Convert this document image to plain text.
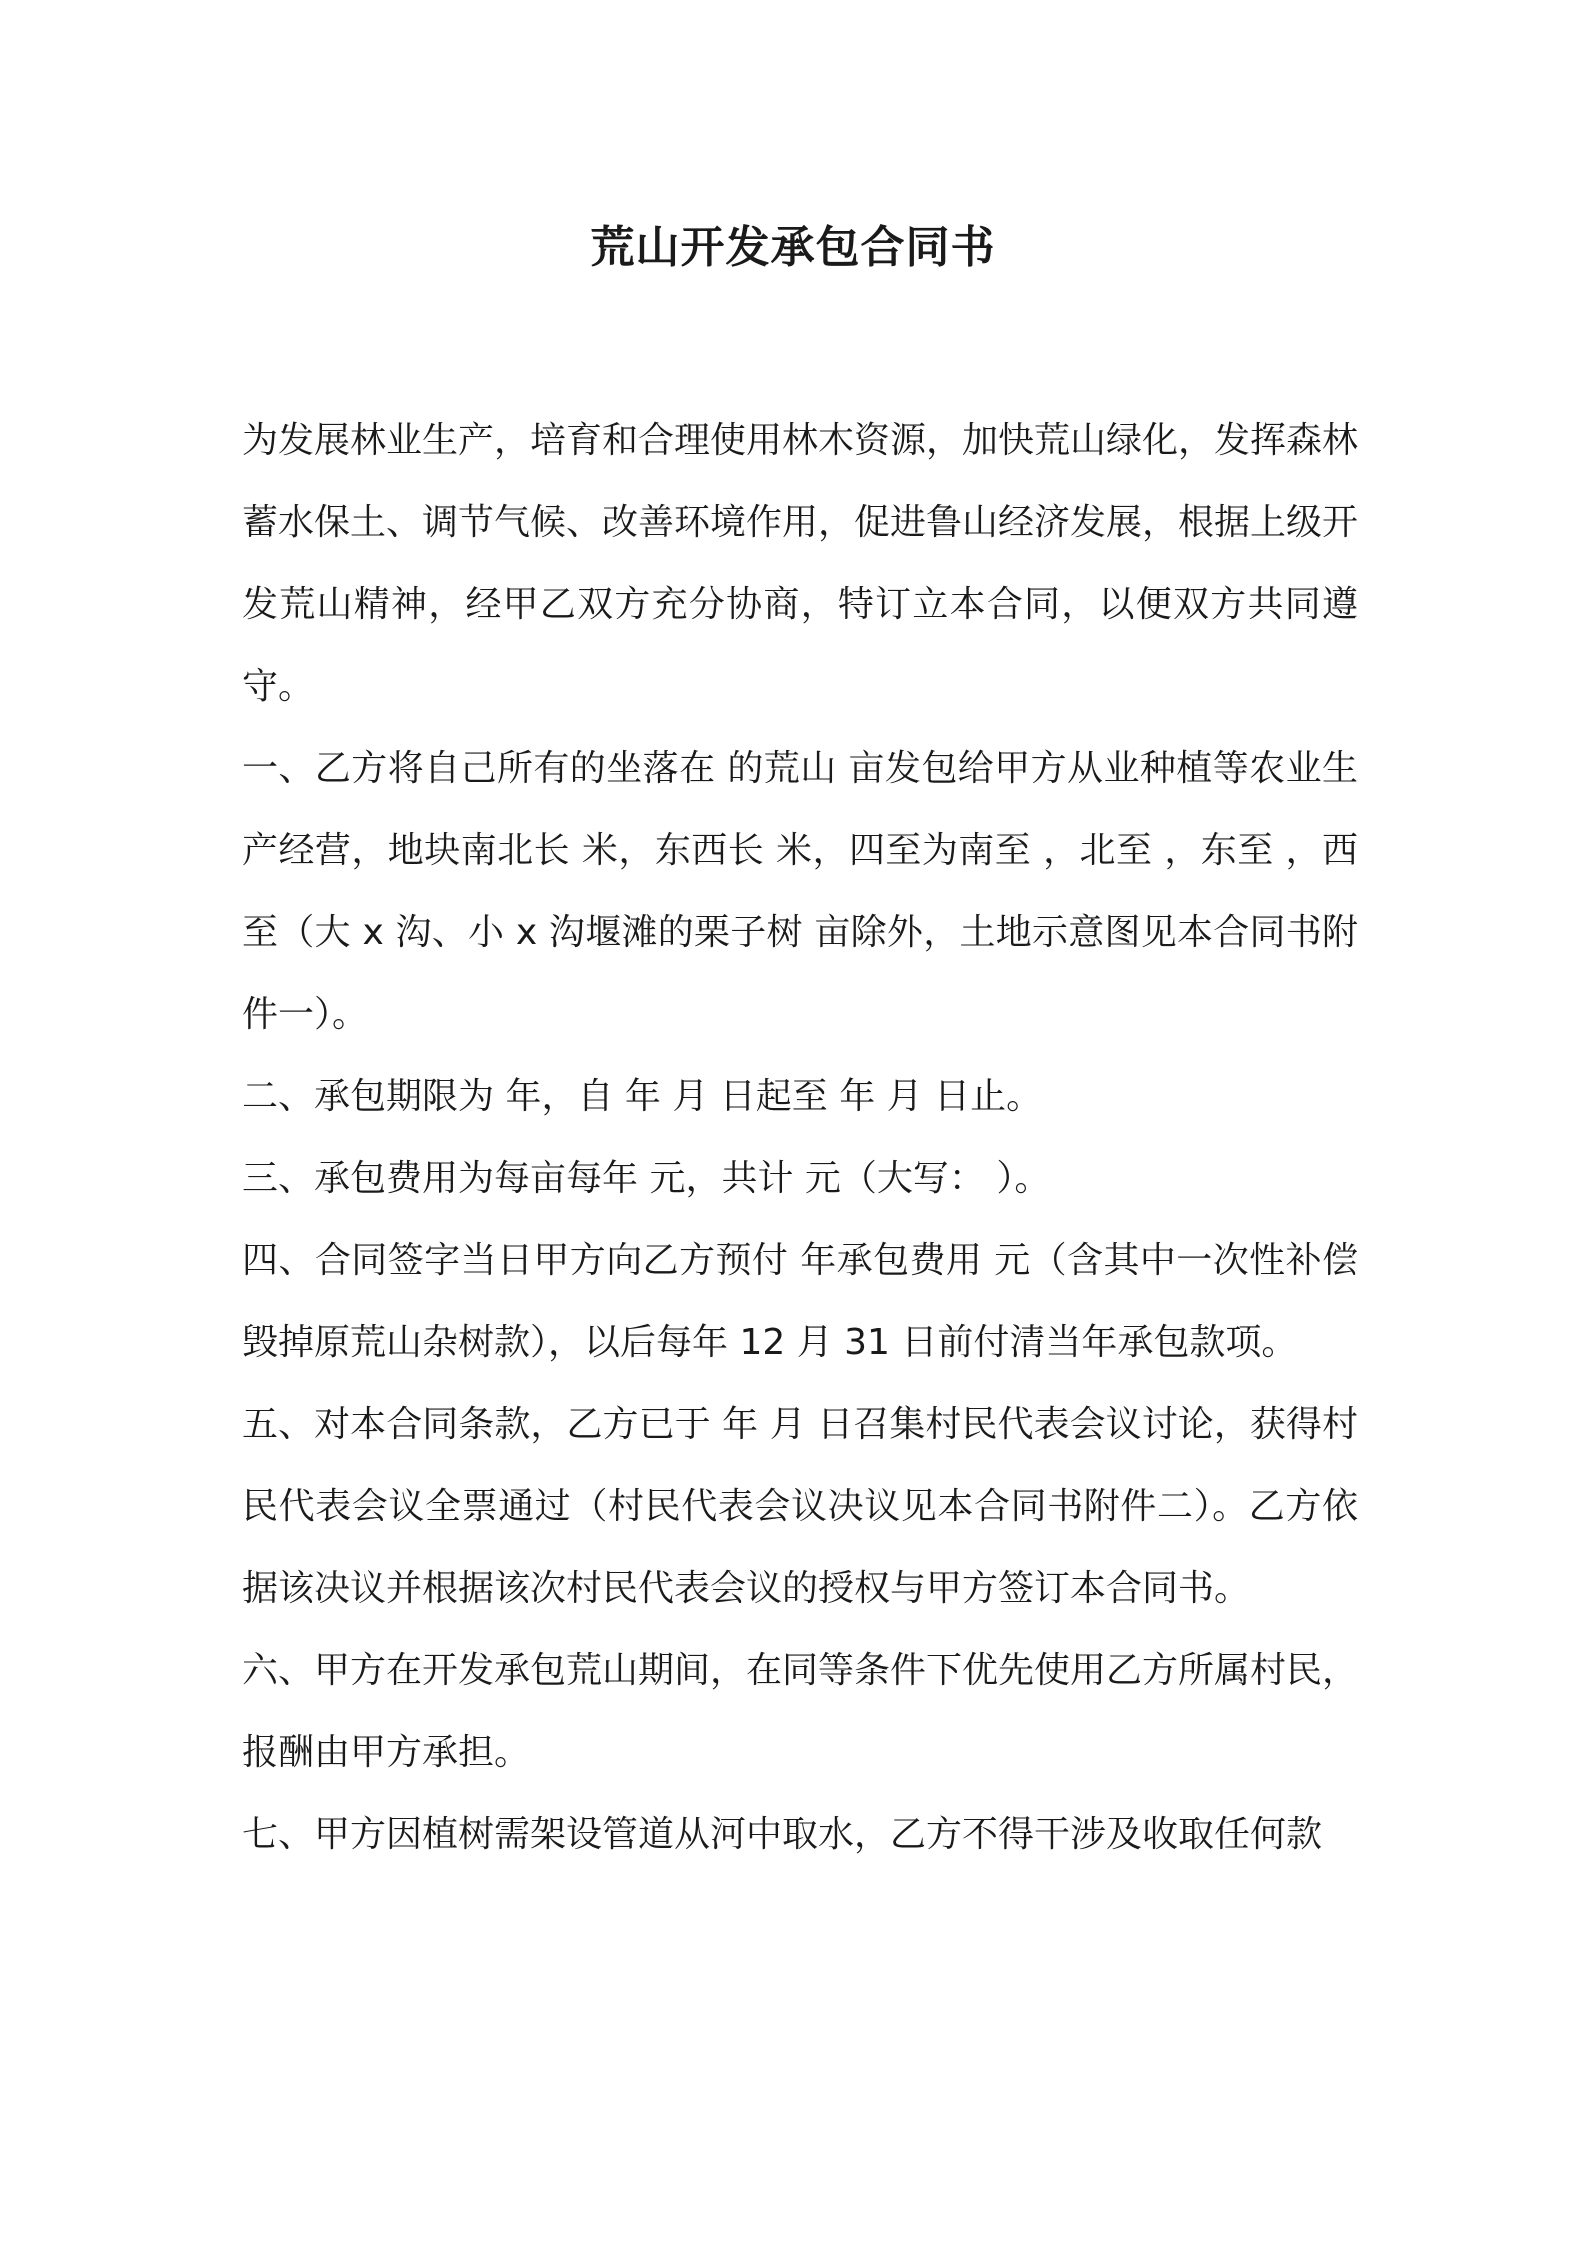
荒山开发承包合同书

为发展林业生产，培育和合理使用林木资源，加快荒山绿化，发挥森林蓄水保土、调节气候、改善环境作用，促进鲁山经济发展，根据上级开发荒山精神，经甲乙双方充分协商，特订立本合同，以便双方共同遵守。

一、乙方将自己所有的坐落在 的荒山 亩发包给甲方从业种植等农业生产经营，地块南北长 米，东西长 米，四至为南至 ，北至 ，东至 ，西至（大 x 沟、小 x 沟堰滩的栗子树 亩除外，土地示意图见本合同书附件一）。

二、承包期限为 年，自 年 月 日起至 年 月 日止。

三、承包费用为每亩每年 元，共计 元（大写： ）。

四、合同签字当日甲方向乙方预付 年承包费用 元（含其中一次性补偿毁掉原荒山杂树款），以后每年 12 月 31 日前付清当年承包款项。

五、对本合同条款，乙方已于 年 月 日召集村民代表会议讨论，获得村民代表会议全票通过（村民代表会议决议见本合同书附件二）。乙方依据该决议并根据该次村民代表会议的授权与甲方签订本合同书。

六、甲方在开发承包荒山期间，在同等条件下优先使用乙方所属村民，报酬由甲方承担。

七、甲方因植树需架设管道从河中取水，乙方不得干涉及收取任何款
